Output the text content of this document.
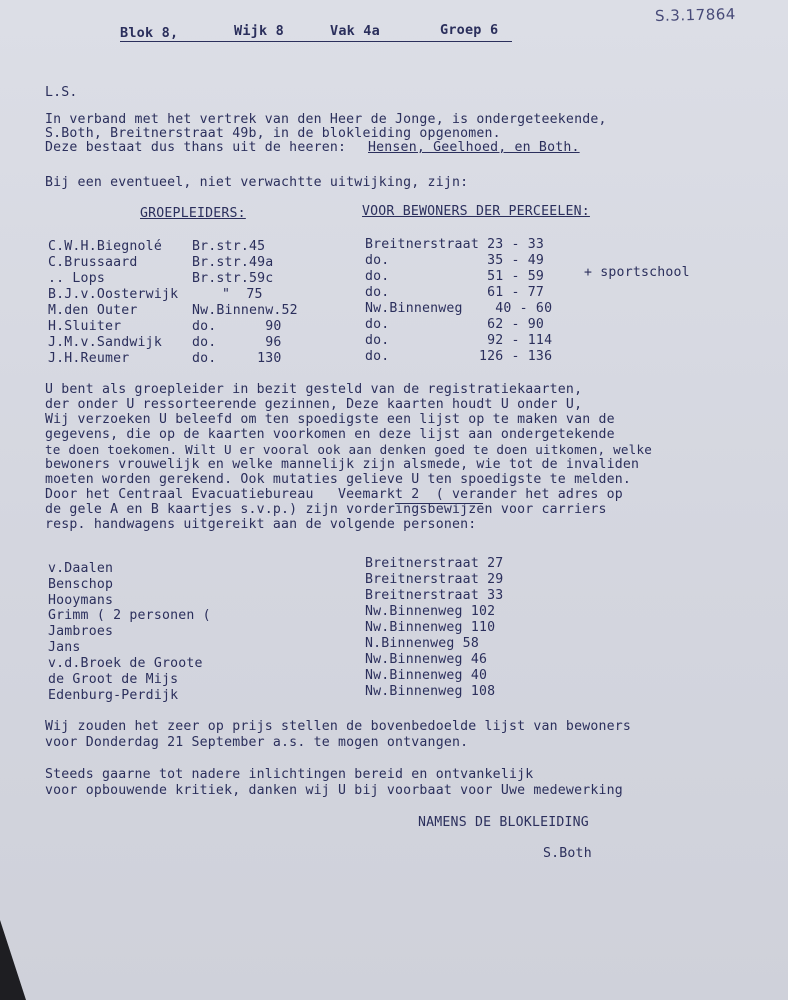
S.3.17864
Blok 8,	Wijk 8	Vak 4a	Groep 6
L.S.
In verband met het vertrek van den Heer de Jonge, is ondergeteekende,
S.Both, Breitnerstraat 49b, in de blokleiding opgenomen.
Deze bestaat dus thans uit de heeren: Hensen, Geelhoed, en Both.
Bij een eventueel, niet verwachtte uitwijking, zijn:
GROEPLEIDERS:	VOOR BEWONERS DER PERCEELEN:
C.W.H.Biegnolé Br.str.45	Breitnerstraat 23 - 33
C.Brussaard	Br.str.49a	do.            35 - 49
.. Lops	Br.str.59c	do.            51 - 59	+ sportschool
B.J.v.Oosterwijk	"  75	do.            61 - 77
M.den Outer	Nw.Binnenw.52	Nw.Binnenweg    40 - 60
H.Sluiter	do.      90	do.            62 - 90
J.M.v.Sandwijk do.      96	do.            92 - 114
J.H.Reumer	do.     130	do.           126 - 136
U bent als groepleider in bezit gesteld van de registratiekaarten,
der onder U ressorteerende gezinnen, Deze kaarten houdt U onder U,
Wij verzoeken U beleefd om ten spoedigste een lijst op te maken van de
gegevens, die op de kaarten voorkomen en deze lijst aan ondergetekende
te doen toekomen. Wilt U er vooral ook aan denken goed te doen uitkomen, welke
bewoners vrouwelijk en welke mannelijk zijn alsmede, wie tot de invaliden
moeten worden gerekend. Ook mutaties gelieve U ten spoedigste te melden.
Door het Centraal Evacuatiebureau   Veemarkt 2  ( verander het adres op
de gele A en B kaartjes s.v.p.) zijn vorderingsbewijzen voor carriers
resp. handwagens uitgereikt aan de volgende personen:
v.Daalen	Breitnerstraat 27
Benschop	Breitnerstraat 29
Hooymans	Breitnerstraat 33
Grimm ( 2 personen (	Nw.Binnenweg 102
Jambroes	Nw.Binnenweg 110
Jans	N.Binnenweg 58
v.d.Broek de Groote	Nw.Binnenweg 46
de Groot de Mijs	Nw.Binnenweg 40
Edenburg-Perdijk	Nw.Binnenweg 108
Wij zouden het zeer op prijs stellen de bovenbedoelde lijst van bewoners
voor Donderdag 21 September a.s. te mogen ontvangen.
Steeds gaarne tot nadere inlichtingen bereid en ontvankelijk
voor opbouwende kritiek, danken wij U bij voorbaat voor Uwe medewerking
NAMENS DE BLOKLEIDING
S.Both
